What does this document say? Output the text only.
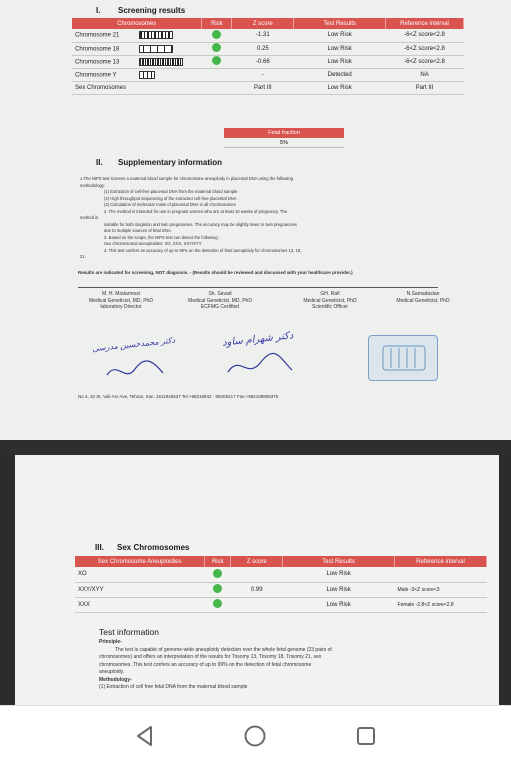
I. Screening results
Chromosomes	Risk	Z score	Test Results	Reference interval
Chromosome 21		-1.31	Low Risk	-6<Z score<2.8
Chromosome 18		0.25	Low Risk	-6<Z score<2.8
Chromosome 13		-0.66	Low Risk	-6<Z score<2.8
Chromosome Y		-	Detected	NA
Sex Chromosomes		Part III	Low Risk	Part III
Fetal fraction
5%
II. Supplementary information
1.The NIPS test screens a maternal blood sample for chromosome aneuploidy in placental DNA using the following
methodology:
(1) Extraction of cell-free placental DNA from the maternal blood sample
(2) High throughput sequencing of the extracted cell-free placental DNA
(3) Calculation of molecular mass of placental DNA in all chromosomes
2. The method is intended for use in pregnant women who are at least 10 weeks of pregnancy. The
method is
suitable for both singleton and twin pregnancies. The accuracy may be slightly lower in twin pregnancies
due to multiple sources of fetal DNA.
3. Based on the scope, the NIPS test can detect the following:
Sex chromosomal aneuploidies: XO, XXX, XXY/XYY
4. This test confers an accuracy of up to 99% on the detection of fetal aneuploidy for chromosomes 13, 18,
21.
Results are indicated for screening, NOT diagnosis. - (Results should be reviewed and discussed with your healthcare provider.)
M. H. Modarressi
Medical Geneticist, MD, PhD
laboratory Director
Sh. Savad
Medical Geneticist, MD, PhD
ECFMG Certified
GH. Rafi
Medical Geneticist, PhD
Scientific Officer
N.Samadaslan
Medical Geneticist, PhD
دکتر محمدحسین مدرسی	دکتر شهرام ساود
No 4, 32 St, Vali-Asr Ave, Tehran, Iran. 1511945637 Tel:+98218942 - 88208217 Fax:+982188808376
III. Sex Chromosomes
Sex Chromosome Aneuploidies	Risk	Z score	Test Results	Reference interval
XO			Low Risk	
XXY/XYY		0.99	Low Risk	Male -3<Z score<3
XXX			Low Risk	Female -2.8<Z score<2.8
Test information
Principle-
The test is capable of genome-wide aneuploidy detection over the whole fetal genome (23 pairs of
chromosomes) and offers an interpretation of the results for Trisomy 13, Trisomy 18, Trisomy 21, sex
chromosomes. This test confers an accuracy of up to 99% on the detection of fetal chromosome
aneuploidy.
Methodology-
(1) Extraction of cell free fetal DNA from the maternal blood sample
